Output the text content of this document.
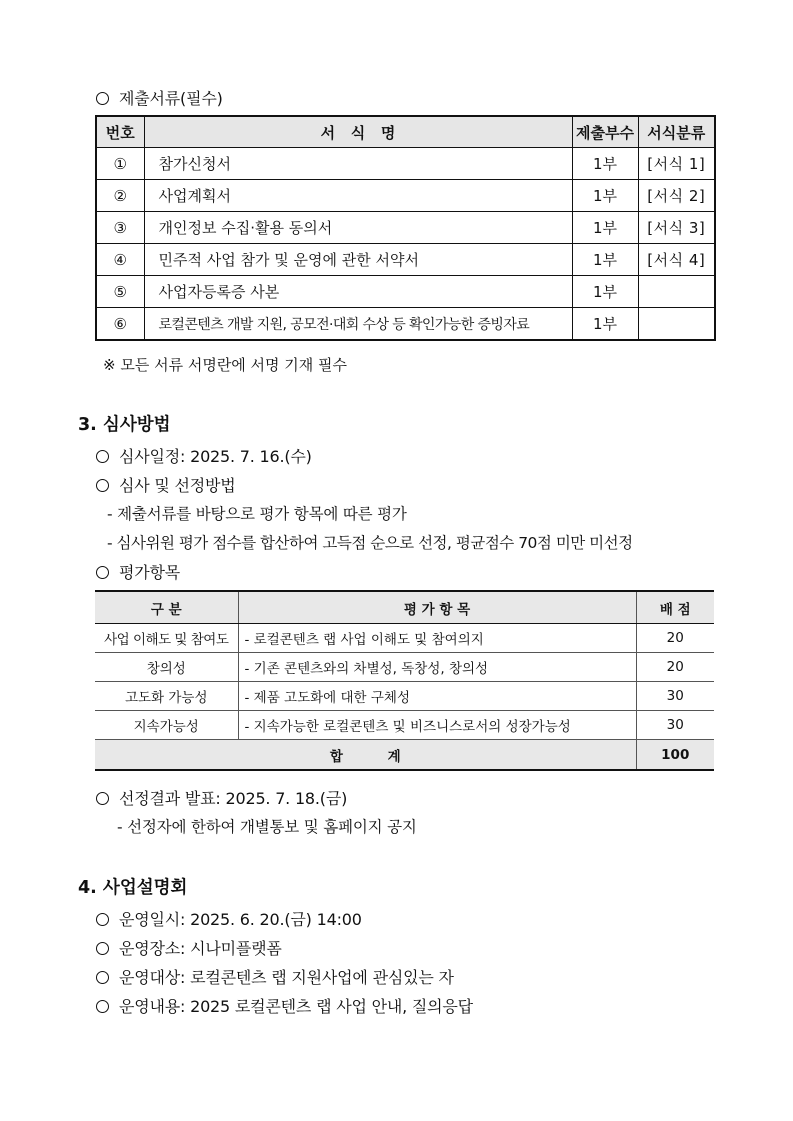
제출서류(필수)
번호	서   식   명	제출부수	서식분류
①	참가신청서	1부	[서식 1]
②	사업계획서	1부	[서식 2]
③	개인정보 수집·활용 동의서	1부	[서식 3]
④	민주적 사업 참가 및 운영에 관한 서약서	1부	[서식 4]
⑤	사업자등록증 사본	1부	
⑥	로컬콘텐츠 개발 지원, 공모전·대회 수상 등 확인가능한 증빙자료	1부	
※ 모든 서류 서명란에 서명 기재 필수
3. 심사방법
심사일정: 2025. 7. 16.(수)
심사 및 선정방법
- 제출서류를 바탕으로 평가 항목에 따른 평가
- 심사위원 평가 점수를 합산하여 고득점 순으로 선정, 평균점수 70점 미만 미선정
평가항목
구 분	평 가 항 목	배 점
사업 이해도 및 참여도	- 로컬콘텐츠 랩 사업 이해도 및 참여의지	20
창의성	- 기존 콘텐츠와의 차별성, 독창성, 창의성	20
고도화 가능성	- 제품 고도화에 대한 구체성	30
지속가능성	- 지속가능한 로컬콘텐츠 및 비즈니스로서의 성장가능성	30
합 계		100
선정결과 발표: 2025. 7. 18.(금)
- 선정자에 한하여 개별통보 및 홈페이지 공지
4. 사업설명회
운영일시: 2025. 6. 20.(금) 14:00
운영장소: 시나미플랫폼
운영대상: 로컬콘텐츠 랩 지원사업에 관심있는 자
운영내용: 2025 로컬콘텐츠 랩 사업 안내, 질의응답
